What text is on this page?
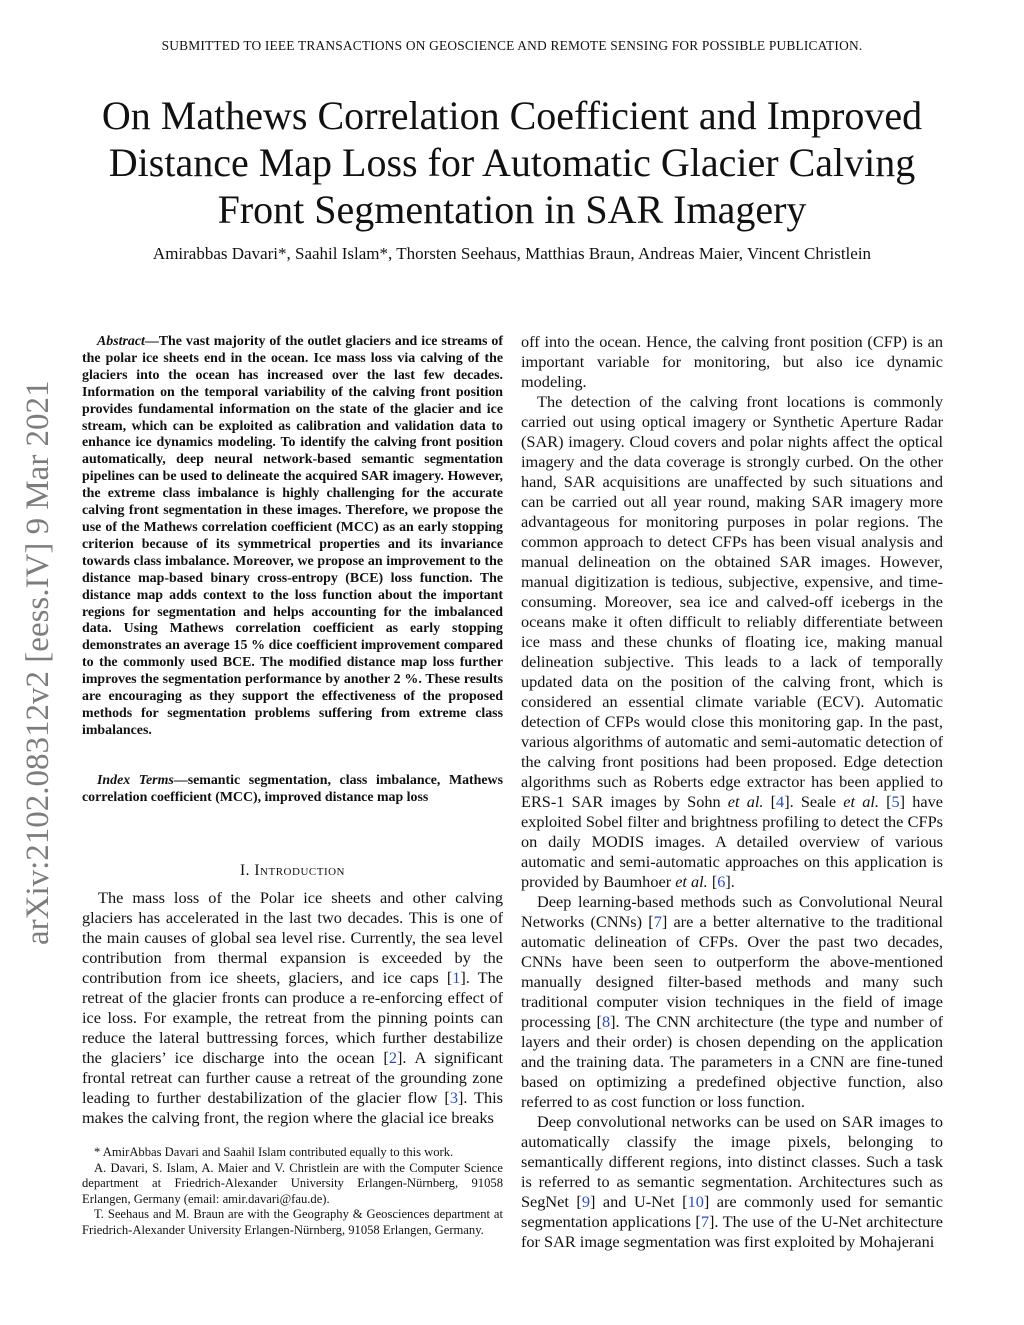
SUBMITTED TO IEEE TRANSACTIONS ON GEOSCIENCE AND REMOTE SENSING FOR POSSIBLE PUBLICATION.
On Mathews Correlation Coefficient and Improved
Distance Map Loss for Automatic Glacier Calving
Front Segmentation in SAR Imagery
Amirabbas Davari*, Saahil Islam*, Thorsten Seehaus, Matthias Braun, Andreas Maier, Vincent Christlein
arXiv:2102.08312v2 [eess.IV] 9 Mar 2021

Abstract—The vast majority of the outlet glaciers and ice streams of the polar ice sheets end in the ocean. Ice mass loss via calving of the glaciers into the ocean has increased over the last few decades. Information on the temporal variability of the calving front position provides fundamental information on the state of the glacier and ice stream, which can be exploited as calibration and validation data to enhance ice dynamics modeling. To identify the calving front position automatically, deep neural network-based semantic segmentation pipelines can be used to delineate the acquired SAR imagery. However, the extreme class imbalance is highly challenging for the accurate calving front segmentation in these images. Therefore, we propose the use of the Mathews correlation coefficient (MCC) as an early stopping criterion because of its symmetrical properties and its invariance towards class imbalance. Moreover, we propose an improvement to the distance map-based binary cross-entropy (BCE) loss function. The distance map adds context to the loss function about the important regions for segmentation and helps accounting for the imbalanced data. Using Mathews correlation coefficient as early stopping demonstrates an average 15 % dice coefficient improvement compared to the commonly used BCE. The modified distance map loss further improves the segmentation performance by another 2 %. These results are encouraging as they support the effectiveness of the proposed methods for segmentation problems suffering from extreme class imbalances.

Index Terms—semantic segmentation, class imbalance, Mathews correlation coefficient (MCC), improved distance map loss

I. Introduction

The mass loss of the Polar ice sheets and other calving glaciers has accelerated in the last two decades. This is one of the main causes of global sea level rise. Currently, the sea level contribution from thermal expansion is exceeded by the contribution from ice sheets, glaciers, and ice caps [1]. The retreat of the glacier fronts can produce a re-enforcing effect of ice loss. For example, the retreat from the pinning points can reduce the lateral buttressing forces, which further destabilize the glaciers’ ice discharge into the ocean [2]. A significant frontal retreat can further cause a retreat of the grounding zone leading to further destabilization of the glacier flow [3]. This makes the calving front, the region where the glacial ice breaks

off into the ocean. Hence, the calving front position (CFP) is an important variable for monitoring, but also ice dynamic modeling.

The detection of the calving front locations is commonly carried out using optical imagery or Synthetic Aperture Radar (SAR) imagery. Cloud covers and polar nights affect the optical imagery and the data coverage is strongly curbed. On the other hand, SAR acquisitions are unaffected by such situations and can be carried out all year round, making SAR imagery more advantageous for monitoring purposes in polar regions. The common approach to detect CFPs has been visual analysis and manual delineation on the obtained SAR images. However, manual digitization is tedious, subjective, expensive, and time-consuming. Moreover, sea ice and calved-off icebergs in the oceans make it often difficult to reliably differentiate between ice mass and these chunks of floating ice, making manual delineation subjective. This leads to a lack of temporally updated data on the position of the calving front, which is considered an essential climate variable (ECV). Automatic detection of CFPs would close this monitoring gap. In the past, various algorithms of automatic and semi-automatic detection of the calving front positions had been proposed. Edge detection algorithms such as Roberts edge extractor has been applied to ERS-1 SAR images by Sohn et al. [4]. Seale et al. [5] have exploited Sobel filter and brightness profiling to detect the CFPs on daily MODIS images. A detailed overview of various automatic and semi-automatic approaches on this application is provided by Baumhoer et al. [6].

Deep learning-based methods such as Convolutional Neural Networks (CNNs) [7] are a better alternative to the traditional automatic delineation of CFPs. Over the past two decades, CNNs have been seen to outperform the above-mentioned manually designed filter-based methods and many such traditional computer vision techniques in the field of image processing [8]. The CNN architecture (the type and number of layers and their order) is chosen depending on the application and the training data. The parameters in a CNN are fine-tuned based on optimizing a predefined objective function, also referred to as cost function or loss function.

Deep convolutional networks can be used on SAR images to automatically classify the image pixels, belonging to semantically different regions, into distinct classes. Such a task is referred to as semantic segmentation. Architectures such as SegNet [9] and U-Net [10] are commonly used for semantic segmentation applications [7]. The use of the U-Net architecture for SAR image segmentation was first exploited by Mohajerani

* AmirAbbas Davari and Saahil Islam contributed equally to this work.

A. Davari, S. Islam, A. Maier and V. Christlein are with the Computer Science department at Friedrich-Alexander University Erlangen-Nürnberg, 91058 Erlangen, Germany (email: amir.davari@fau.de).

T. Seehaus and M. Braun are with the Geography & Geosciences department at Friedrich-Alexander University Erlangen-Nürnberg, 91058 Erlangen, Germany.
